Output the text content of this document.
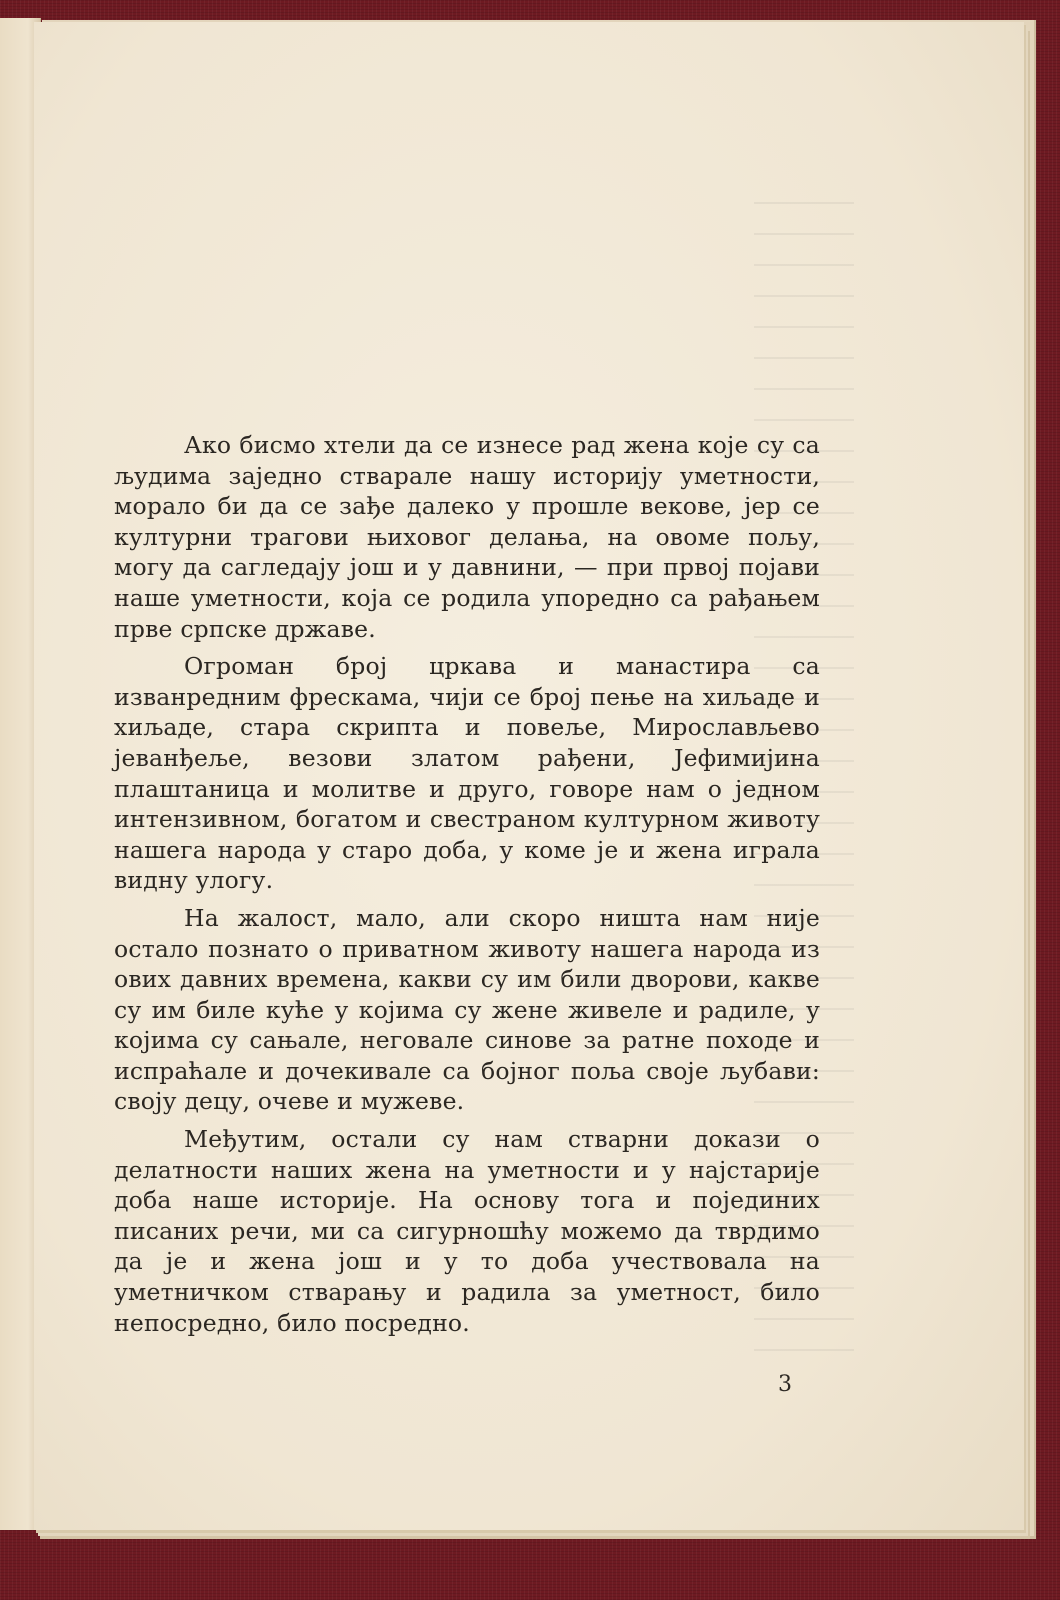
Ако бисмо хтели да се изнесе рад жена које су са људима заједно стварале нашу историју уметности, морало би да се зађе далеко у прошле векове, јер се културни трагови њиховог делања, на овоме пољу, могу да сагледају још и у давнини, — при првој појави наше уметности, која се родила упоредно са рађањем прве српске државе.

Огроман број цркава и манастира са изванредним фрескама, чији се број пење на хиљаде и хиљаде, стара скрипта и повеље, Мирослављево јеванђеље, везови златом рађени, Јефимијина плаштаница и молитве и друго, говоре нам о једном интензивном, богатом и свестраном културном животу нашега народа у старо доба, у коме је и жена играла видну улогу.

На жалост, мало, али скоро ништа нам није остало познато о приватном животу нашега народа из ових давних времена, какви су им били дворови, какве су им биле куће у којима су жене живеле и радиле, у којима су сањале, неговале синове за ратне походе и испраћале и дочекивале са бојног поља своје љубави: своју децу, очеве и мужеве.

Међутим, остали су нам стварни докази о делатности наших жена на уметности и у најстарије доба наше историје. На основу тога и појединих писаних речи, ми са сигурношћу можемо да тврдимо да је и жена још и у то доба учествовала на уметничком стварању и радила за уметност, било непосредно, било посредно.

3
